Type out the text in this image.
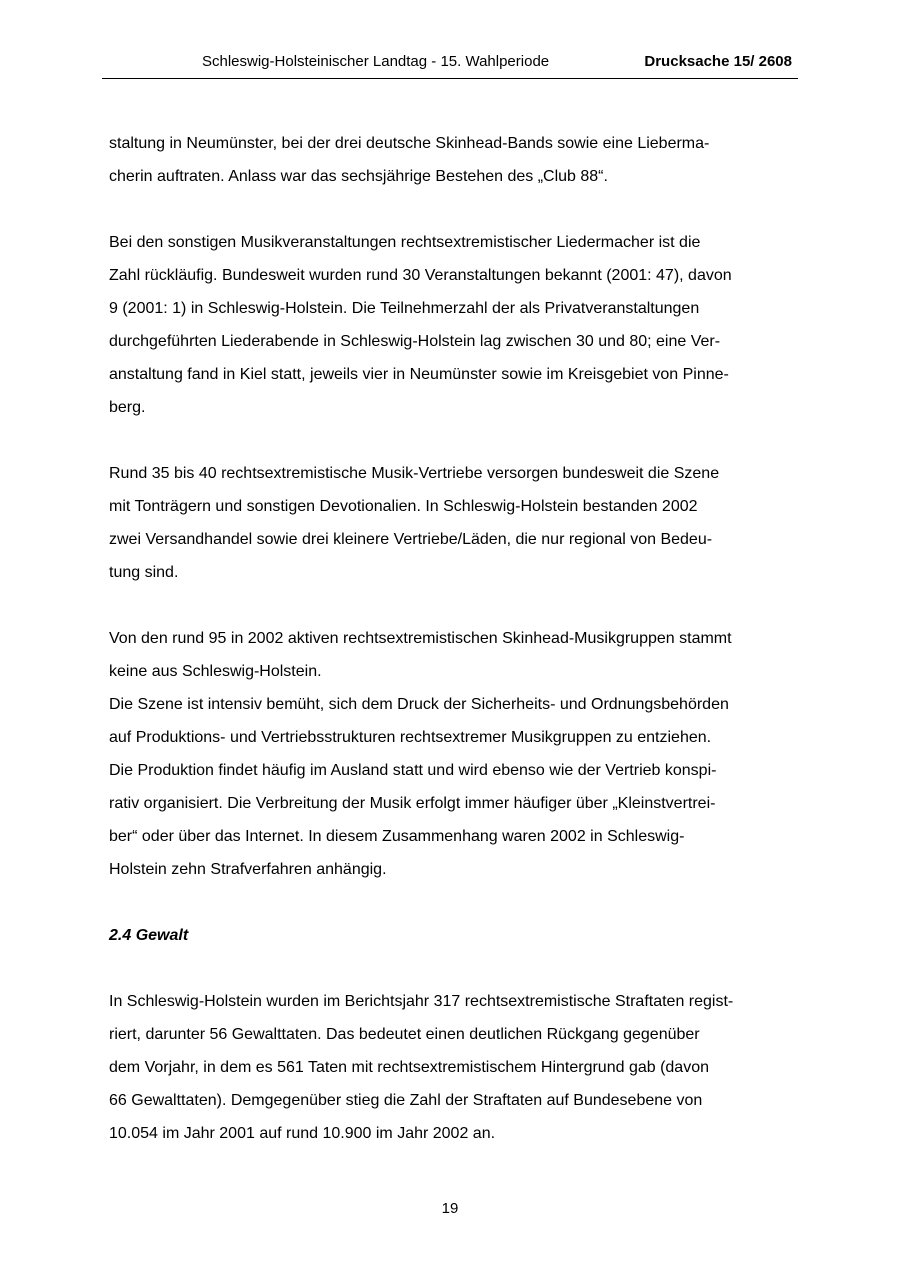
Schleswig-Holsteinischer Landtag - 15. Wahlperiode	Drucksache 15/ 2608

staltung in Neumünster, bei der drei deutsche Skinhead-Bands sowie eine Lieberma-
cherin auftraten. Anlass war das sechsjährige Bestehen des „Club 88“.

Bei den sonstigen Musikveranstaltungen rechtsextremistischer Liedermacher ist die
Zahl rückläufig. Bundesweit wurden rund 30 Veranstaltungen bekannt (2001: 47), davon
9 (2001: 1) in Schleswig-Holstein. Die Teilnehmerzahl der als Privatveranstaltungen
durchgeführten Liederabende in Schleswig-Holstein lag zwischen 30 und 80; eine Ver-
anstaltung fand in Kiel statt, jeweils vier in Neumünster sowie im Kreisgebiet von Pinne-
berg.

Rund 35 bis 40 rechtsextremistische Musik-Vertriebe versorgen bundesweit die Szene
mit Tonträgern und sonstigen Devotionalien. In Schleswig-Holstein bestanden 2002
zwei Versandhandel sowie drei kleinere Vertriebe/Läden, die nur regional von Bedeu-
tung sind.

Von den rund 95 in 2002 aktiven rechtsextremistischen Skinhead-Musikgruppen stammt
keine aus Schleswig-Holstein.
Die Szene ist intensiv bemüht, sich dem Druck der Sicherheits- und Ordnungsbehörden
auf Produktions- und Vertriebsstrukturen rechtsextremer Musikgruppen zu entziehen.
Die Produktion findet häufig im Ausland statt und wird ebenso wie der Vertrieb konspi-
rativ organisiert. Die Verbreitung der Musik erfolgt immer häufiger über „Kleinstvertrei-
ber“ oder über das Internet. In diesem Zusammenhang waren 2002 in Schleswig-
Holstein zehn Strafverfahren anhängig.

2.4 Gewalt

In Schleswig-Holstein wurden im Berichtsjahr 317 rechtsextremistische Straftaten regist-
riert, darunter 56 Gewalttaten. Das bedeutet einen deutlichen Rückgang gegenüber
dem Vorjahr, in dem es 561 Taten mit rechtsextremistischem Hintergrund gab (davon
66 Gewalttaten). Demgegenüber stieg die Zahl der Straftaten auf Bundesebene von
10.054 im Jahr 2001 auf rund 10.900 im Jahr 2002 an.

19
